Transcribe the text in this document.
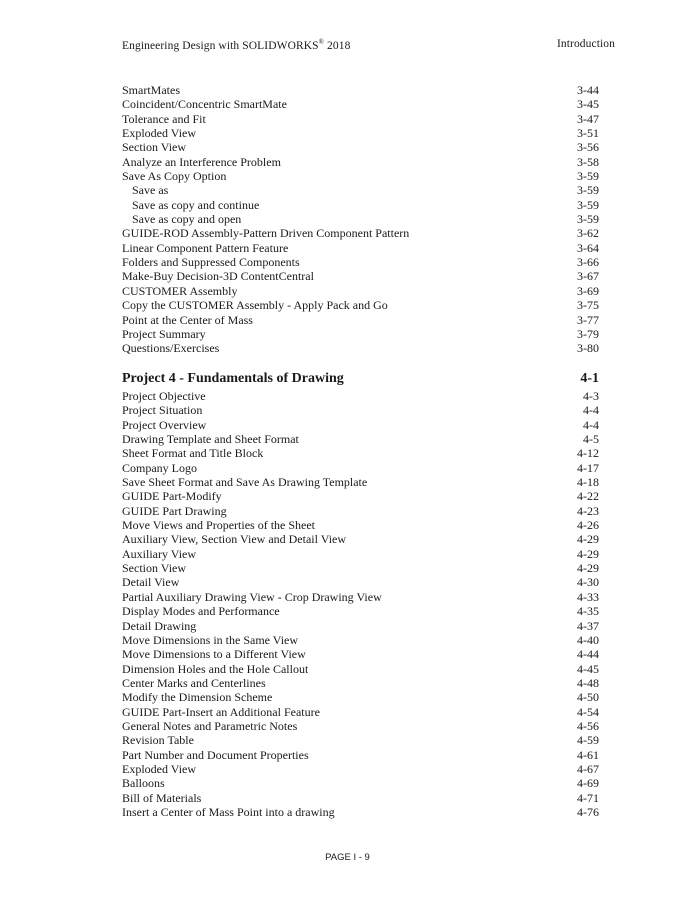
Engineering Design with SOLIDWORKS® 2018	Introduction
SmartMates	3-44
Coincident/Concentric SmartMate	3-45
Tolerance and Fit	3-47
Exploded View	3-51
Section View	3-56
Analyze an Interference Problem	3-58
Save As Copy Option	3-59
Save as	3-59
Save as copy and continue	3-59
Save as copy and open	3-59
GUIDE-ROD Assembly-Pattern Driven Component Pattern	3-62
Linear Component Pattern Feature	3-64
Folders and Suppressed Components	3-66
Make-Buy Decision-3D ContentCentral	3-67
CUSTOMER Assembly	3-69
Copy the CUSTOMER Assembly - Apply Pack and Go	3-75
Point at the Center of Mass	3-77
Project Summary	3-79
Questions/Exercises	3-80
Project 4 - Fundamentals of Drawing	4-1
Project Objective	4-3
Project Situation	4-4
Project Overview	4-4
Drawing Template and Sheet Format	4-5
Sheet Format and Title Block	4-12
Company Logo	4-17
Save Sheet Format and Save As Drawing Template	4-18
GUIDE Part-Modify	4-22
GUIDE Part Drawing	4-23
Move Views and Properties of the Sheet	4-26
Auxiliary View, Section View and Detail View	4-29
Auxiliary View	4-29
Section View	4-29
Detail View	4-30
Partial Auxiliary Drawing View - Crop Drawing View	4-33
Display Modes and Performance	4-35
Detail Drawing	4-37
Move Dimensions in the Same View	4-40
Move Dimensions to a Different View	4-44
Dimension Holes and the Hole Callout	4-45
Center Marks and Centerlines	4-48
Modify the Dimension Scheme	4-50
GUIDE Part-Insert an Additional Feature	4-54
General Notes and Parametric Notes	4-56
Revision Table	4-59
Part Number and Document Properties	4-61
Exploded View	4-67
Balloons	4-69
Bill of Materials	4-71
Insert a Center of Mass Point into a drawing	4-76
PAGE I - 9
